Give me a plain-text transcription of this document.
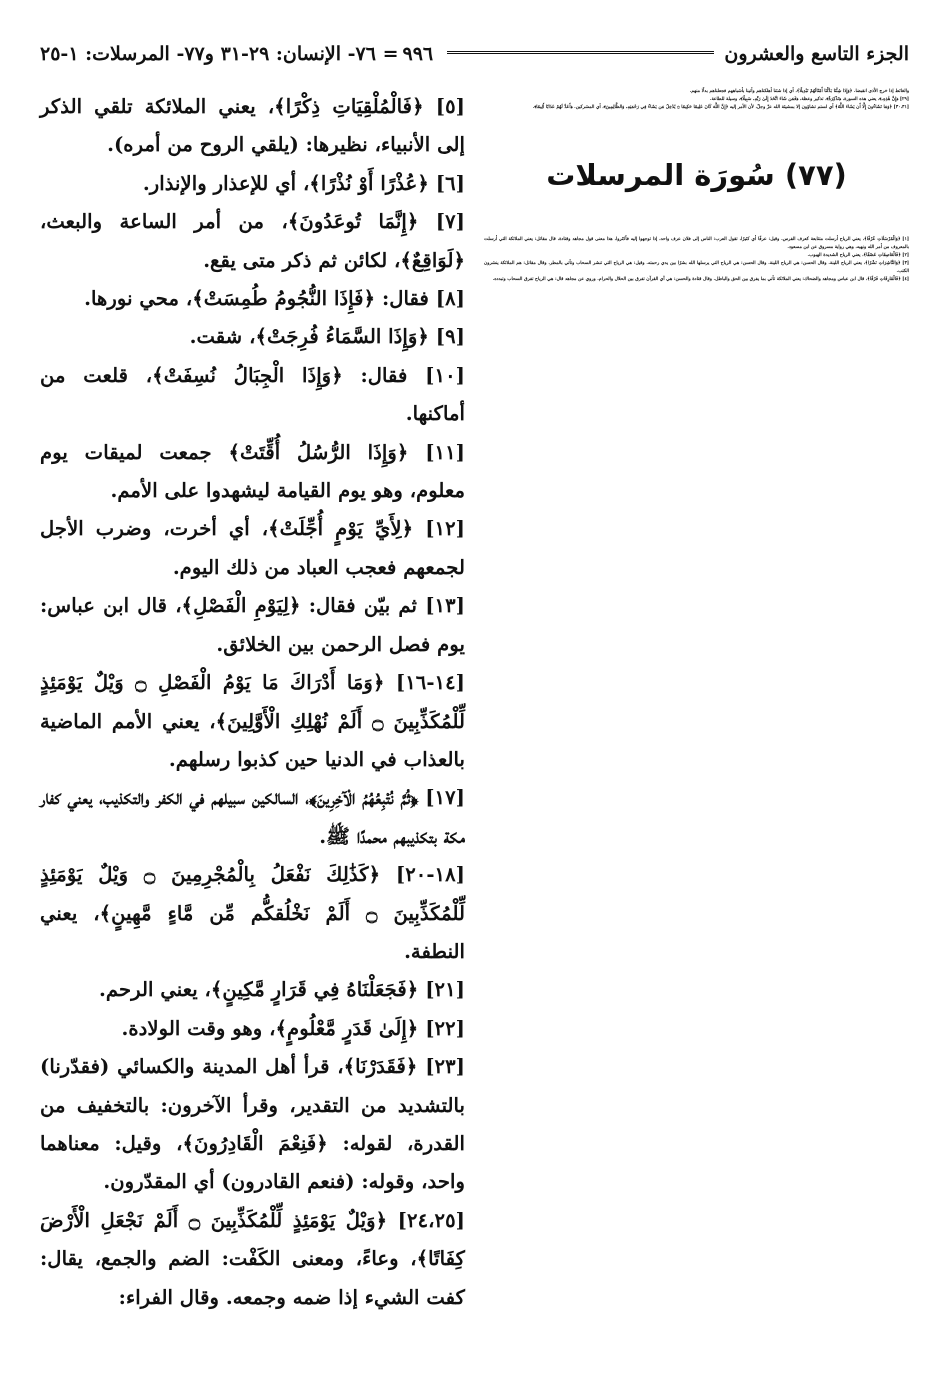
الجزء التاسع والعشرون
٩٩٦
= ٧٦- الإنسان: ٢٩-٣١ و٧٧- المرسلات: ١-٢٥

والغائط إذا خرج الأذى انقبضا. ﴿وَإِذَا شِئْنَا بَدَّلْنَا أَمْثَالَهُمْ تَبْدِيلًا﴾، أي إذا شئنا أهلكناهم وأتينا بأشباههم فجعلناهم بدلًا منهم.

[٢٩] ﴿إِنَّ هَٰذِهِۦ﴾، يعني هذه السورة، ﴿تَذْكِرَةٌ﴾، تذكير وعظة، ﴿فَمَن شَاءَ اتَّخَذَ إِلَىٰ رَبِّهِۦ سَبِيلًا﴾، وسيلة للطاعة.

[٣٠،٣١] ﴿وَمَا تَشَاءُونَ إِلَّا أَن يَشَاءَ اللَّهُ﴾ أي لستم تشاؤون إلا بمشيئة الله عزّ وجلّ، لأن الأمر إليه ﴿إِنَّ اللَّهَ كَانَ عَلِيمًا حَكِيمًا ۝ يُدْخِلُ مَن يَشَاءُ فِي رَحْمَتِهِۦ وَالظَّالِمِينَ﴾، أي المشركين. ﴿أَعَدَّ لَهُمْ عَذَابًا أَلِيمًا﴾.

(٧٧) سُورَة المرسلات

[١] ﴿وَالْمُرْسَلَاتِ عُرْفًا﴾، يعني الرياح أرسلت متتابعة كعرف الفرس. وقيل: عرفًا أي كثيرًا، تقول العرب: الناس إلى فلان عرف واحد، إذا توجهوا إليه فأكثروا، هذا معنى قول مجاهد وقتادة، قال مقاتل: يعني الملائكة التي أرسلت بالمعروف من أمر الله ونهيه، وهي رواية مسروق عن ابن مسعود.

[٢] ﴿فَالْعَاصِفَاتِ عَصْفًا﴾، يعني الرياح الشديدة الهبوب.

[٣] ﴿وَالنَّاشِرَاتِ نَشْرًا﴾، يعني الرياح اللينة. وقال الحسن: هي الرياح اللينة. وقال الحسن: هي الرياح التي يرسلها الله بشرًا بين يدي رحمته. وقيل: هي الرياح التي تنشر السحاب وتأتي بالمطر. وقال مقاتل: هم الملائكة ينشرون الكتب.

[٤] ﴿فَالْفَارِقَاتِ فَرْقًا﴾، قال ابن عباس ومجاهد والضحاك: يعني الملائكة تأتي بما يفرق بين الحق والباطل. وقال قتادة والحسن: هي آي القرآن تفرق بين الحلال والحرام. وروي عن مجاهد قال: هي الرياح تفرق السحاب وتبدده.

[٥] ﴿فَالْمُلْقِيَاتِ ذِكْرًا﴾، يعني الملائكة تلقي الذكر إلى الأنبياء، نظيرها: (يلقي الروح من أمره).

[٦] ﴿عُذْرًا أَوْ نُذْرًا﴾، أي للإعذار والإنذار.

[٧] ﴿إِنَّمَا تُوعَدُونَ﴾، من أمر الساعة والبعث، ﴿لَوَاقِعٌ﴾، لكائن ثم ذكر متى يقع.

[٨] فقال: ﴿فَإِذَا النُّجُومُ طُمِسَتْ﴾، محي نورها.

[٩] ﴿وَإِذَا السَّمَاءُ فُرِجَتْ﴾، شقت.

[١٠] فقال: ﴿وَإِذَا الْجِبَالُ نُسِفَتْ﴾، قلعت من أماكنها.

[١١] ﴿وَإِذَا الرُّسُلُ أُقِّتَتْ﴾ جمعت لميقات يوم معلوم، وهو يوم القيامة ليشهدوا على الأمم.

[١٢] ﴿لِأَيِّ يَوْمٍ أُجِّلَتْ﴾، أي أخرت، وضرب الأجل لجمعهم فعجب العباد من ذلك اليوم.

[١٣] ثم بيّن فقال: ﴿لِيَوْمِ الْفَصْلِ﴾، قال ابن عباس: يوم فصل الرحمن بين الخلائق.

[١٤-١٦] ﴿وَمَا أَدْرَاكَ مَا يَوْمُ الْفَصْلِ ۝ وَيْلٌ يَوْمَئِذٍ لِّلْمُكَذِّبِينَ ۝ أَلَمْ نُهْلِكِ الْأَوَّلِينَ﴾، يعني الأمم الماضية بالعذاب في الدنيا حين كذبوا رسلهم.

[١٧] ﴿ثُمَّ نُتْبِعُهُمُ الْآخِرِينَ﴾، السالكين سبيلهم في الكفر والتكذيب، يعني كفار مكة بتكذيبهم محمدًا ﷺ.

[١٨-٢٠] ﴿كَذَٰلِكَ نَفْعَلُ بِالْمُجْرِمِينَ ۝ وَيْلٌ يَوْمَئِذٍ لِّلْمُكَذِّبِينَ ۝ أَلَمْ نَخْلُقكُّم مِّن مَّاءٍ مَّهِينٍ﴾، يعني النطفة.

[٢١] ﴿فَجَعَلْنَاهُ فِي قَرَارٍ مَّكِينٍ﴾، يعني الرحم.

[٢٢] ﴿إِلَىٰ قَدَرٍ مَّعْلُومٍ﴾، وهو وقت الولادة.

[٢٣] ﴿فَقَدَرْنَا﴾، قرأ أهل المدينة والكسائي (فقدّرنا) بالتشديد من التقدير، وقرأ الآخرون: بالتخفيف من القدرة، لقوله: ﴿فَنِعْمَ الْقَادِرُونَ﴾، وقيل: معناهما واحد، وقوله: (فنعم القادرون) أي المقدّرون.

[٢٤،٢٥] ﴿وَيْلٌ يَوْمَئِذٍ لِّلْمُكَذِّبِينَ ۝ أَلَمْ نَجْعَلِ الْأَرْضَ كِفَاتًا﴾، وعاءً، ومعنى الكَفْت: الضم والجمع، يقال: كفت الشيء إذا ضمه وجمعه. وقال الفراء:
